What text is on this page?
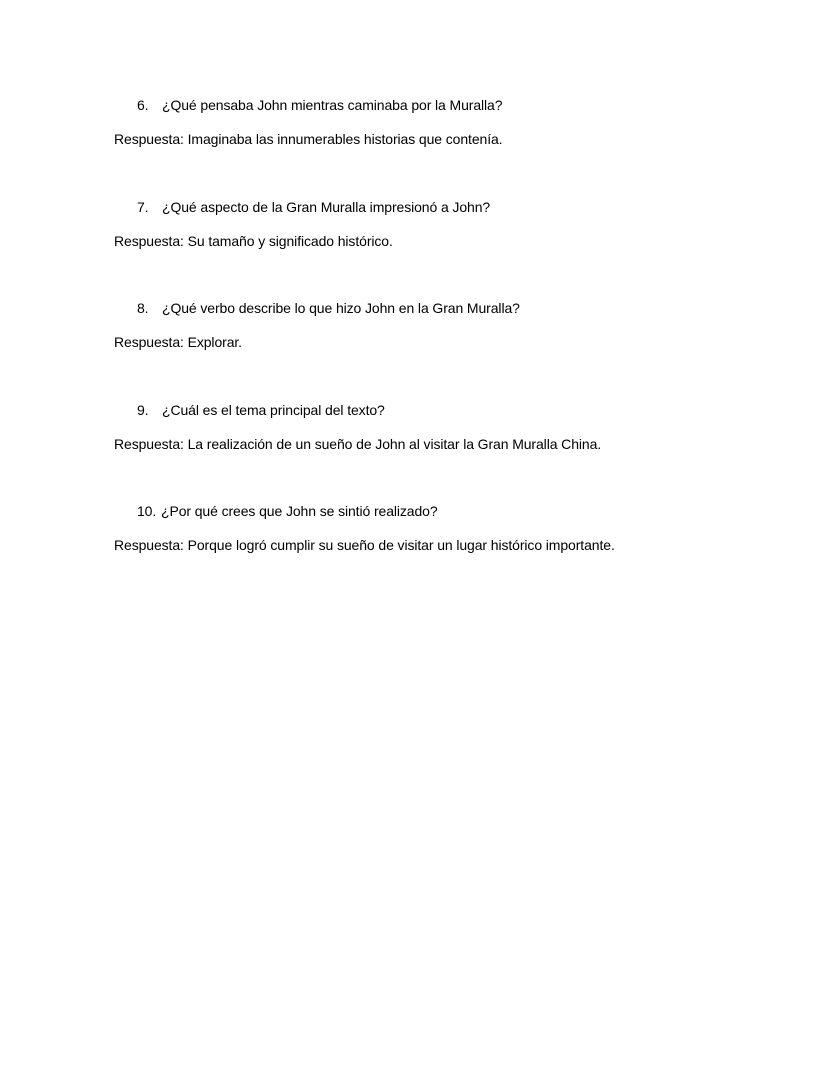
6. ¿Qué pensaba John mientras caminaba por la Muralla?
Respuesta: Imaginaba las innumerables historias que contenía.
7. ¿Qué aspecto de la Gran Muralla impresionó a John?
Respuesta: Su tamaño y significado histórico.
8. ¿Qué verbo describe lo que hizo John en la Gran Muralla?
Respuesta: Explorar.
9. ¿Cuál es el tema principal del texto?
Respuesta: La realización de un sueño de John al visitar la Gran Muralla China.
10. ¿Por qué crees que John se sintió realizado?
Respuesta: Porque logró cumplir su sueño de visitar un lugar histórico importante.
